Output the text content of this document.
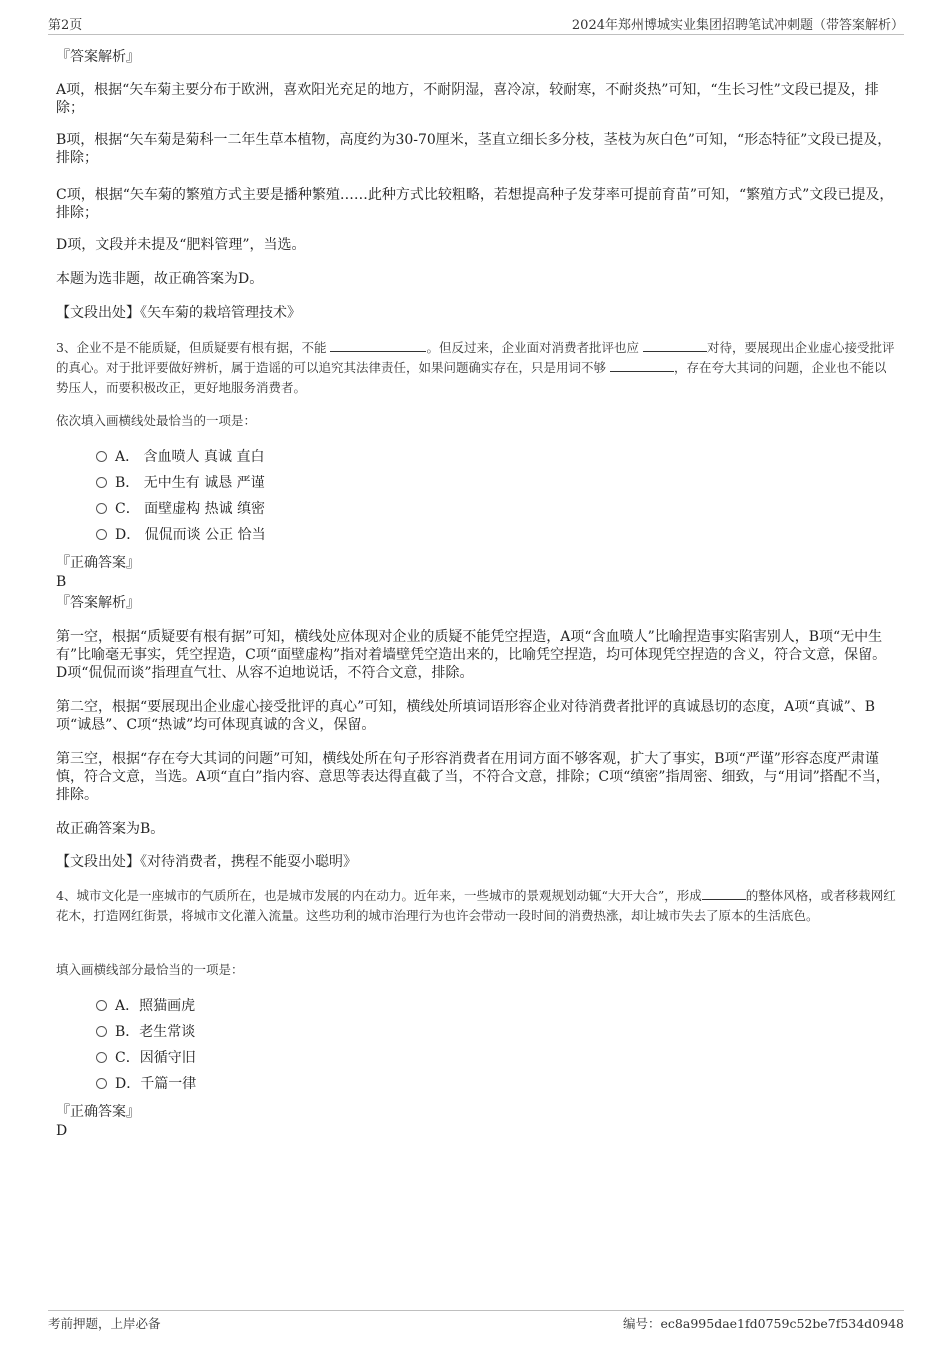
第2页	2024年郑州博城实业集团招聘笔试冲刺题（带答案解析）
『答案解析』

A项，根据“矢车菊主要分布于欧洲，喜欢阳光充足的地方，不耐阴湿，喜冷凉，较耐寒，不耐炎热”可知，“生长习性”文段已提及，排除；

B项，根据“矢车菊是菊科一二年生草本植物，高度约为30-70厘米，茎直立细长多分枝，茎枝为灰白色”可知，“形态特征”文段已提及，排除；

C项，根据“矢车菊的繁殖方式主要是播种繁殖……此种方式比较粗略，若想提高种子发芽率可提前育苗”可知，“繁殖方式”文段已提及，排除；

D项，文段并未提及“肥料管理”，当选。

本题为选非题，故正确答案为D。

【文段出处】《矢车菊的栽培管理技术》

3、企业不是不能质疑，但质疑要有根有据，不能	。但反过来，企业面对消费者批评也应	对待，要展现出企业虚心接受批评的真心。对于批评要做好辨析，属于造谣的可以追究其法律责任，如果问题确实存在，只是用词不够	，存在夸大其词的问题，企业也不能以势压人，而要积极改正，更好地服务消费者。

依次填入画横线处最恰当的一项是：

A． 含血喷人 真诚 直白
B． 无中生有 诚恳 严谨
C． 面壁虚构 热诚 缜密
D． 侃侃而谈 公正 恰当
『正确答案』
B
『答案解析』

第一空，根据“质疑要有根有据”可知，横线处应体现对企业的质疑不能凭空捏造，A项“含血喷人”比喻捏造事实陷害别人，B项“无中生有”比喻毫无事实，凭空捏造，C项“面壁虚构”指对着墙壁凭空造出来的，比喻凭空捏造，均可体现凭空捏造的含义，符合文意，保留。D项“侃侃而谈”指理直气壮、从容不迫地说话，不符合文意，排除。

第二空，根据“要展现出企业虚心接受批评的真心”可知，横线处所填词语形容企业对待消费者批评的真诚恳切的态度，A项“真诚”、B项“诚恳”、C项“热诚”均可体现真诚的含义，保留。

第三空，根据“存在夸大其词的问题”可知，横线处所在句子形容消费者在用词方面不够客观，扩大了事实，B项“严谨”形容态度严肃谨慎，符合文意，当选。A项“直白”指内容、意思等表达得直截了当，不符合文意，排除；C项“缜密”指周密、细致，与“用词”搭配不当，排除。

故正确答案为B。

【文段出处】《对待消费者，携程不能耍小聪明》

4、城市文化是一座城市的气质所在，也是城市发展的内在动力。近年来，一些城市的景观规划动辄“大开大合”，形成	的整体风格，或者移栽网红花木，打造网红街景，将城市文化灌入流量。这些功利的城市治理行为也许会带动一段时间的消费热涨，却让城市失去了原本的生活底色。

填入画横线部分最恰当的一项是：

A．照猫画虎
B．老生常谈
C．因循守旧
D．千篇一律
『正确答案』
D
考前押题，上岸必备	编号：ec8a995dae1fd0759c52be7f534d0948
